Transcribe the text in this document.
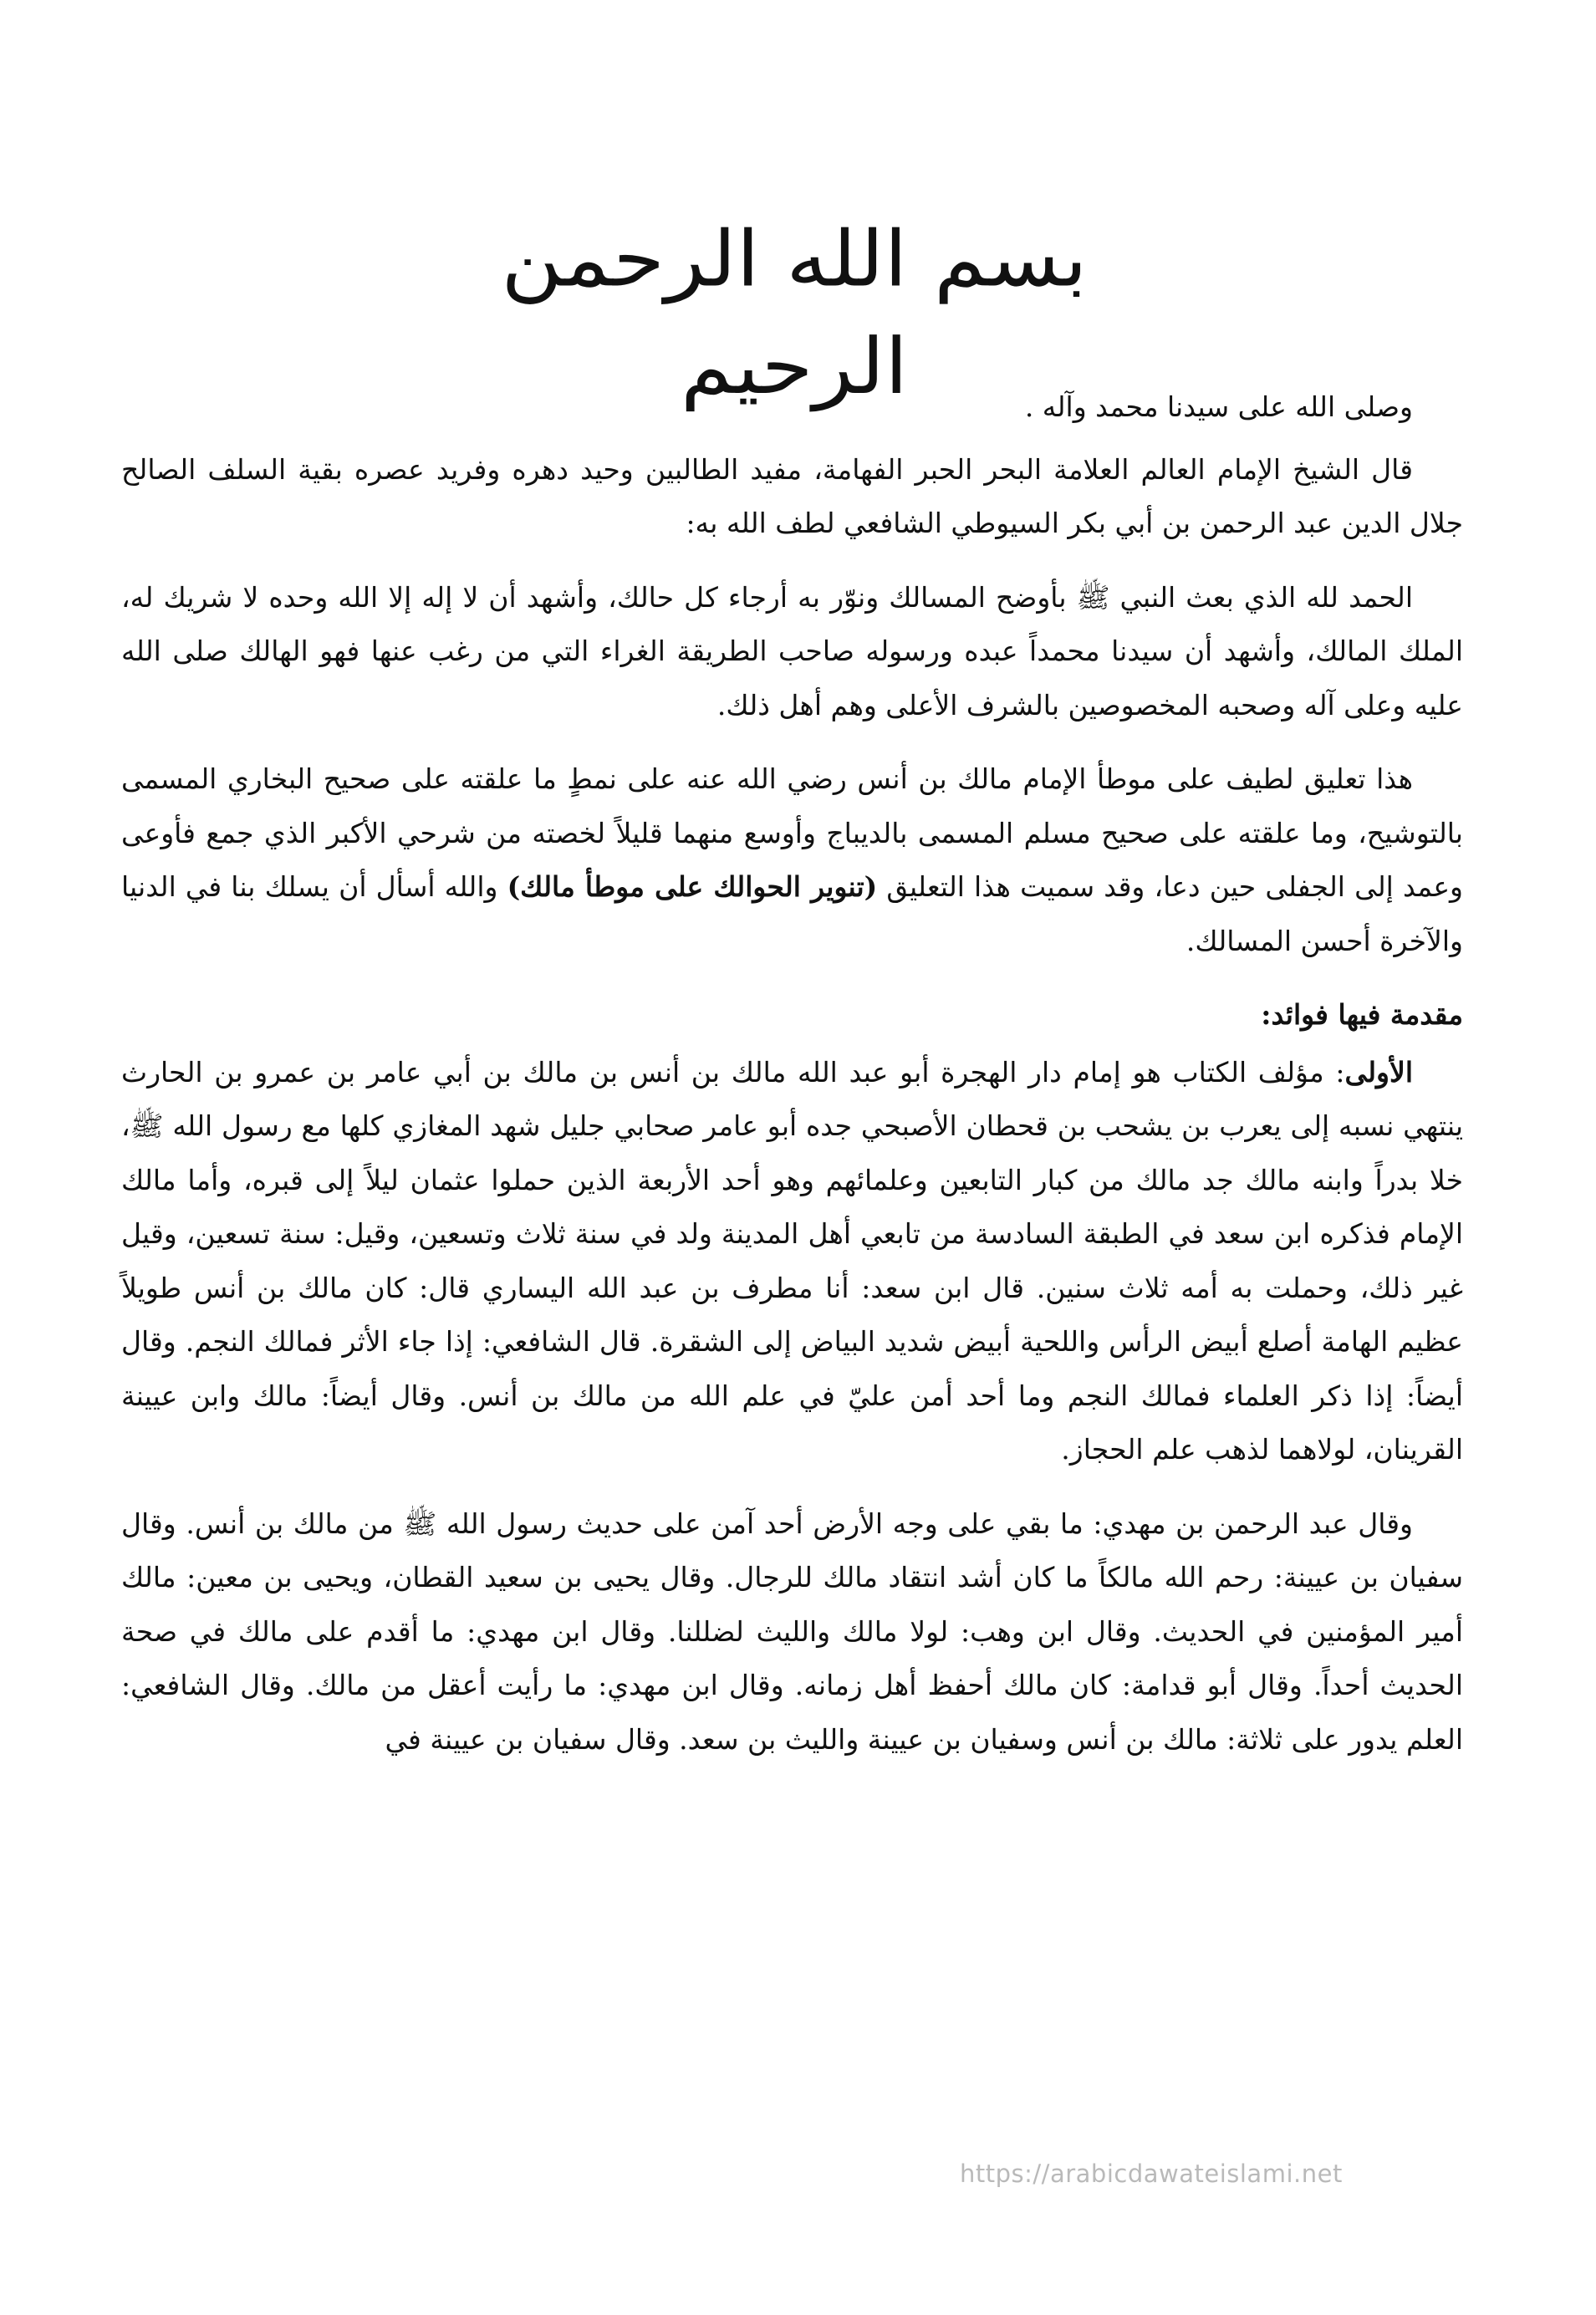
بسم الله الرحمن الرحيم	وصلى الله على سيدنا محمد وآله .

قال الشيخ الإمام العالم العلامة البحر الحبر الفهامة، مفيد الطالبين وحيد دهره وفريد عصره بقية السلف الصالح جلال الدين عبد الرحمن بن أبي بكر السيوطي الشافعي لطف الله به:

الحمد لله الذي بعث النبي ﷺ بأوضح المسالك ونوّر به أرجاء كل حالك، وأشهد أن لا إله إلا الله وحده لا شريك له، الملك المالك، وأشهد أن سيدنا محمداً عبده ورسوله صاحب الطريقة الغراء التي من رغب عنها فهو الهالك صلى الله عليه وعلى آله وصحبه المخصوصين بالشرف الأعلى وهم أهل ذلك.

هذا تعليق لطيف على موطأ الإمام مالك بن أنس رضي الله عنه على نمطٍ ما علقته على صحيح البخاري المسمى بالتوشيح، وما علقته على صحيح مسلم المسمى بالديباج وأوسع منهما قليلاً لخصته من شرحي الأكبر الذي جمع فأوعى وعمد إلى الجفلى حين دعا، وقد سميت هذا التعليق (تنوير الحوالك على موطأ مالك) والله أسأل أن يسلك بنا في الدنيا والآخرة أحسن المسالك.

مقدمة فيها فوائد:

الأولى: مؤلف الكتاب هو إمام دار الهجرة أبو عبد الله مالك بن أنس بن مالك بن أبي عامر بن عمرو بن الحارث ينتهي نسبه إلى يعرب بن يشحب بن قحطان الأصبحي جده أبو عامر صحابي جليل شهد المغازي كلها مع رسول الله ﷺ، خلا بدراً وابنه مالك جد مالك من كبار التابعين وعلمائهم وهو أحد الأربعة الذين حملوا عثمان ليلاً إلى قبره، وأما مالك الإمام فذكره ابن سعد في الطبقة السادسة من تابعي أهل المدينة ولد في سنة ثلاث وتسعين، وقيل: سنة تسعين، وقيل غير ذلك، وحملت به أمه ثلاث سنين. قال ابن سعد: أنا مطرف بن عبد الله اليساري قال: كان مالك بن أنس طويلاً عظيم الهامة أصلع أبيض الرأس واللحية أبيض شديد البياض إلى الشقرة. قال الشافعي: إذا جاء الأثر فمالك النجم. وقال أيضاً: إذا ذكر العلماء فمالك النجم وما أحد أمن عليّ في علم الله من مالك بن أنس. وقال أيضاً: مالك وابن عيينة القرينان، لولاهما لذهب علم الحجاز.

وقال عبد الرحمن بن مهدي: ما بقي على وجه الأرض أحد آمن على حديث رسول الله ﷺ من مالك بن أنس. وقال سفيان بن عيينة: رحم الله مالكاً ما كان أشد انتقاد مالك للرجال. وقال يحيى بن سعيد القطان، ويحيى بن معين: مالك أمير المؤمنين في الحديث. وقال ابن وهب: لولا مالك والليث لضللنا. وقال ابن مهدي: ما أقدم على مالك في صحة الحديث أحداً. وقال أبو قدامة: كان مالك أحفظ أهل زمانه. وقال ابن مهدي: ما رأيت أعقل من مالك. وقال الشافعي: العلم يدور على ثلاثة: مالك بن أنس وسفيان بن عيينة والليث بن سعد. وقال سفيان بن عيينة في

https://arabicdawateislami.net
